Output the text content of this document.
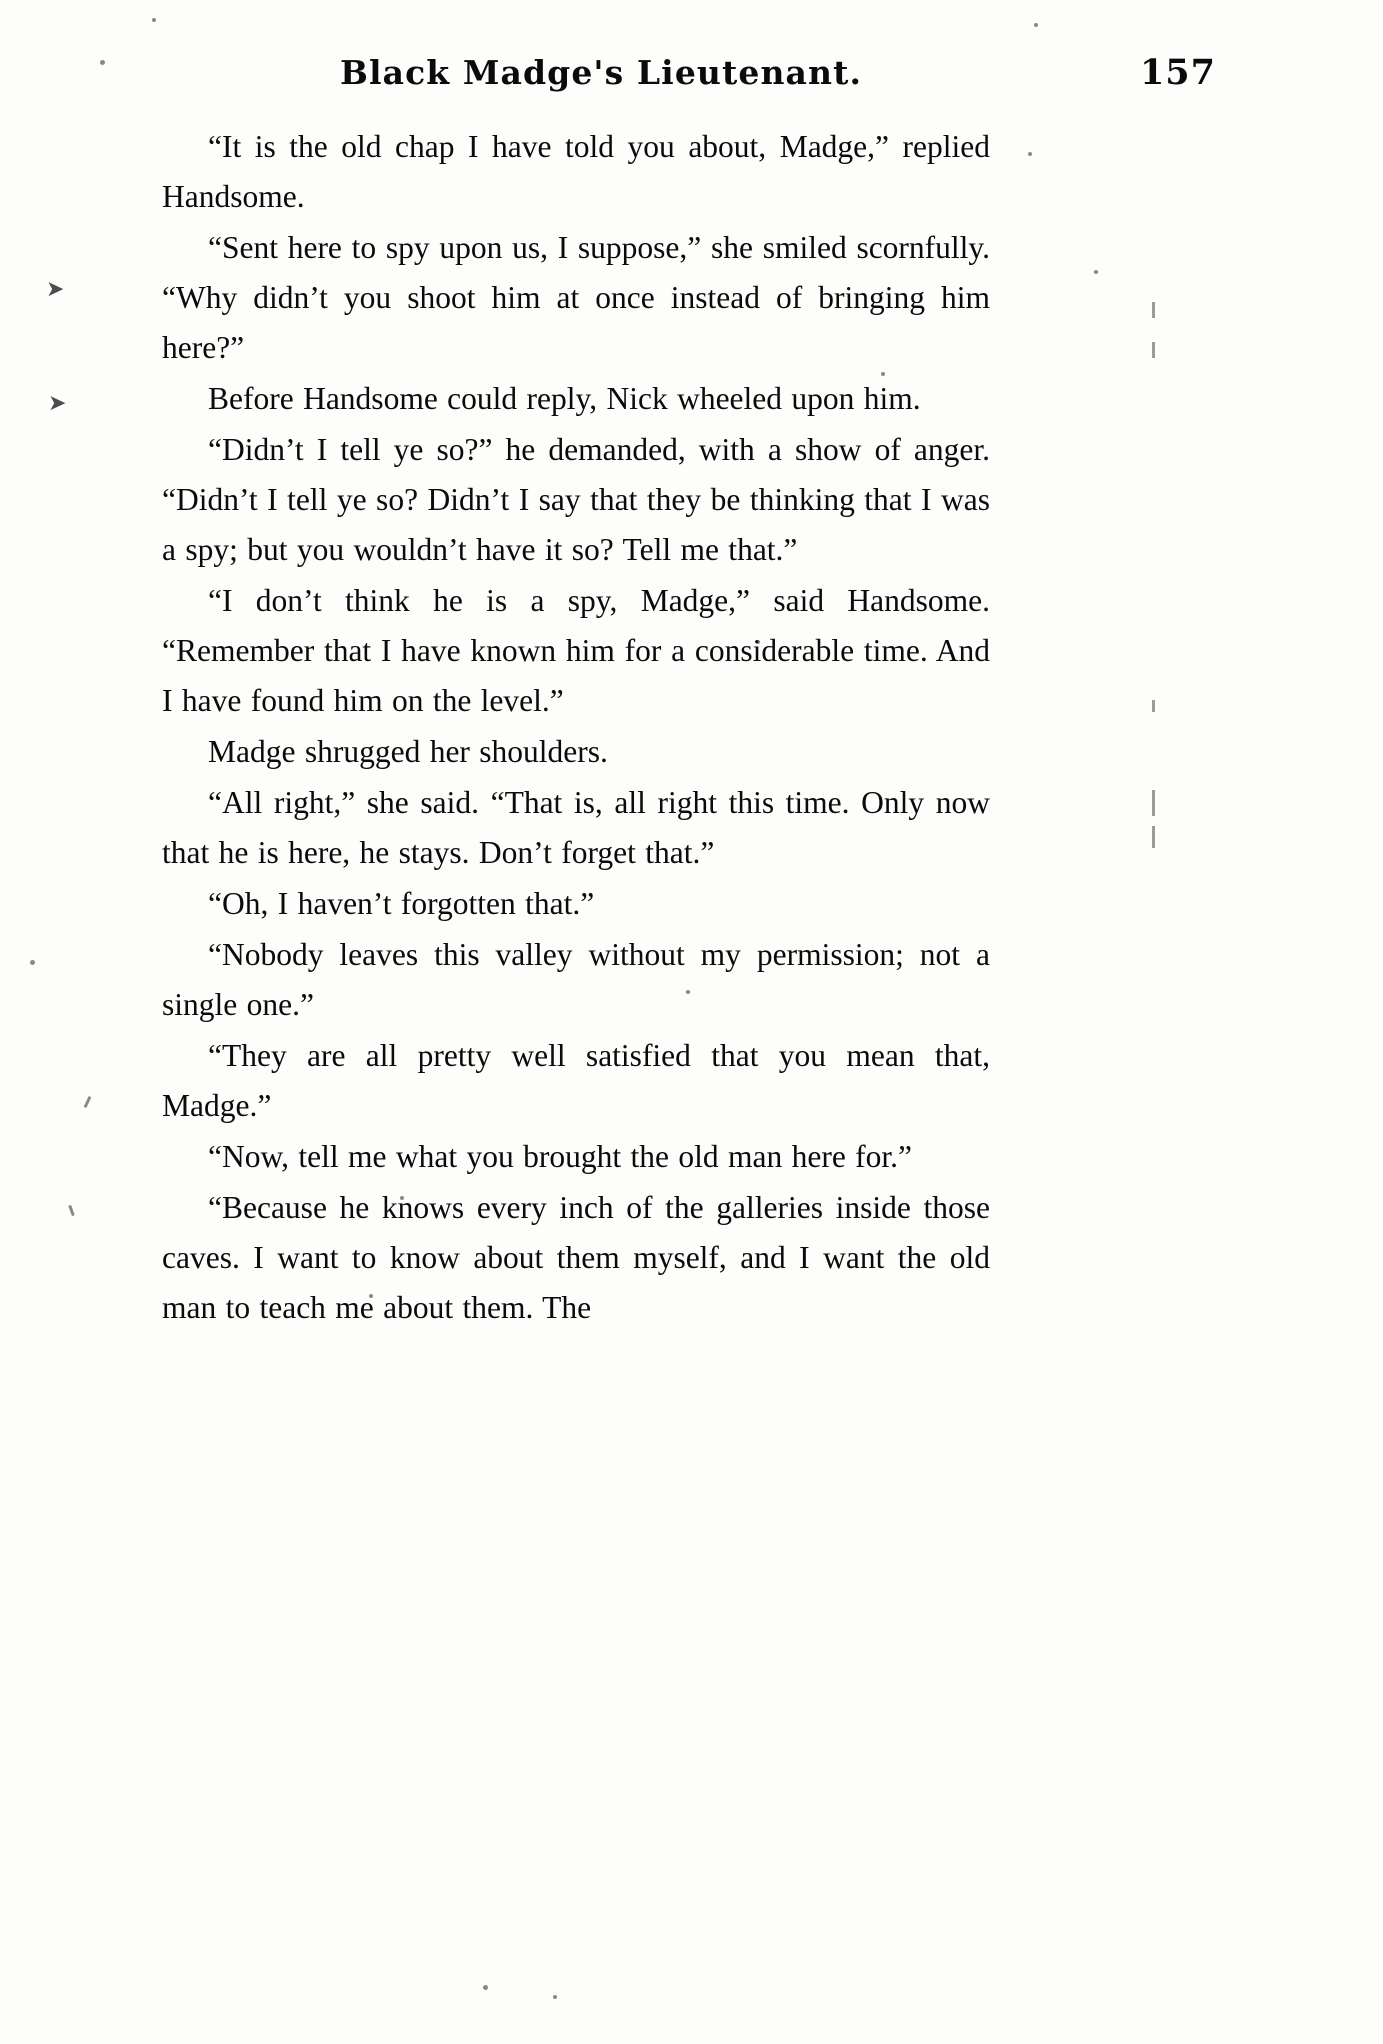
➤
➤
Black Madge's Lieutenant.	157

“It is the old chap I have told you about, Madge,” replied Handsome.

“Sent here to spy upon us, I suppose,” she smiled scornfully. “Why didn’t you shoot him at once instead of bringing him here?”

Before Handsome could reply, Nick wheeled upon him.

“Didn’t I tell ye so?” he demanded, with a show of anger. “Didn’t I tell ye so? Didn’t I say that they be thinking that I was a spy; but you wouldn’t have it so? Tell me that.”

“I don’t think he is a spy, Madge,” said Handsome. “Remember that I have known him for a considerable time. And I have found him on the level.”

Madge shrugged her shoulders.

“All right,” she said. “That is, all right this time. Only now that he is here, he stays. Don’t forget that.”

“Oh, I haven’t forgotten that.”

“Nobody leaves this valley without my permission; not a single one.”

“They are all pretty well satisfied that you mean that, Madge.”

“Now, tell me what you brought the old man here for.”

“Because he knows every inch of the galleries inside those caves. I want to know about them myself, and I want the old man to teach me about them. The
